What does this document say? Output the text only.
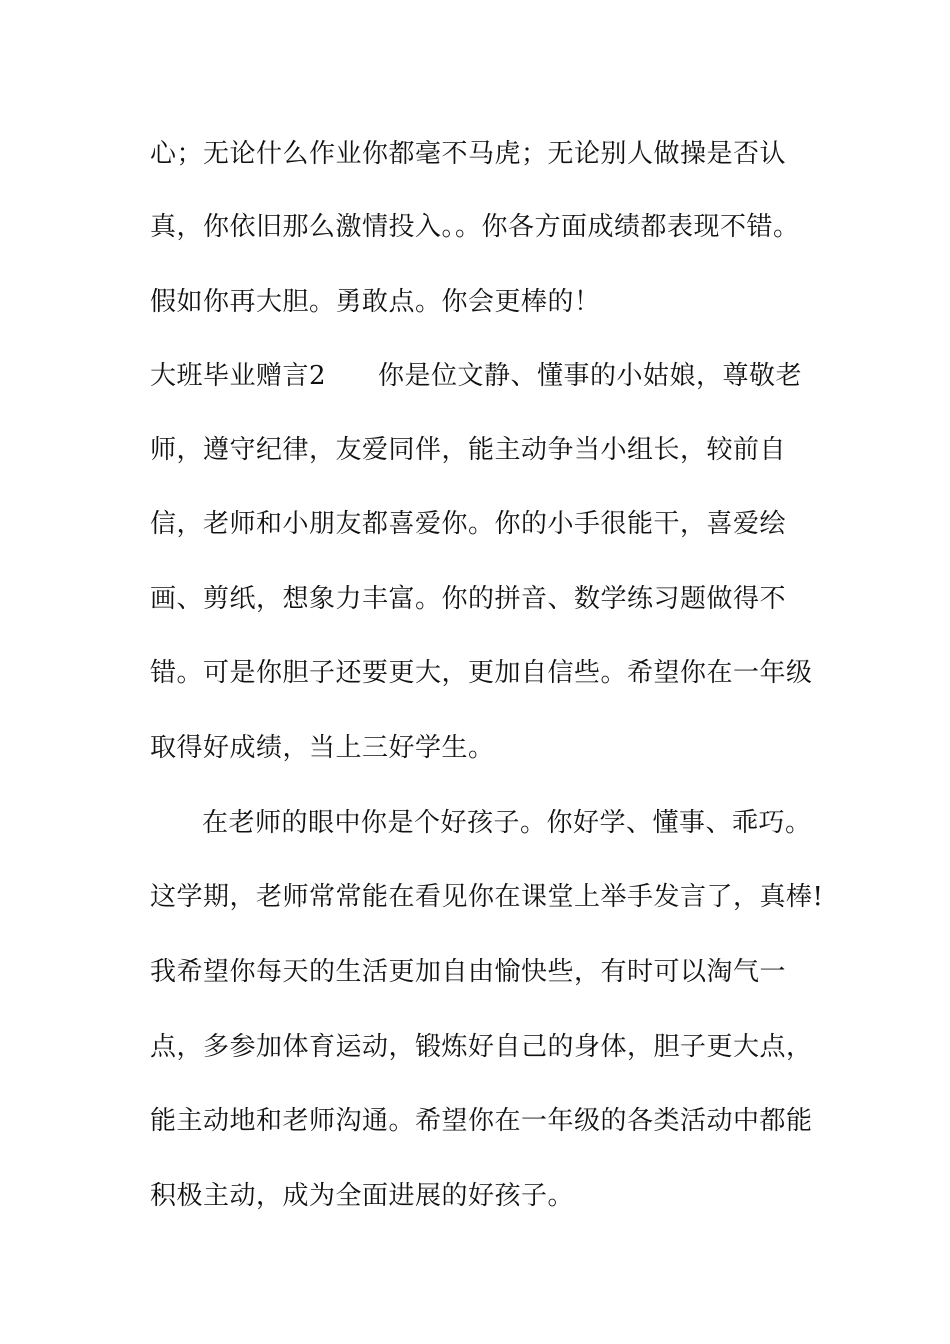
心；无论什么作业你都毫不马虎；无论别人做操是否认
真，你依旧那么激情投入。。你各方面成绩都表现不错。
假如你再大胆。勇敢点。你会更棒的！
大班毕业赠言2 你是位文静、懂事的小姑娘，尊敬老
师，遵守纪律，友爱同伴，能主动争当小组长，较前自
信，老师和小朋友都喜爱你。你的小手很能干，喜爱绘
画、剪纸，想象力丰富。你的拼音、数学练习题做得不
错。可是你胆子还要更大，更加自信些。希望你在一年级
取得好成绩，当上三好学生。
在老师的眼中你是个好孩子。你好学、懂事、乖巧。
这学期，老师常常能在看见你在课堂上举手发言了，真棒!
我希望你每天的生活更加自由愉快些，有时可以淘气一
点，多参加体育运动，锻炼好自己的身体，胆子更大点，
能主动地和老师沟通。希望你在一年级的各类活动中都能
积极主动，成为全面进展的好孩子。
